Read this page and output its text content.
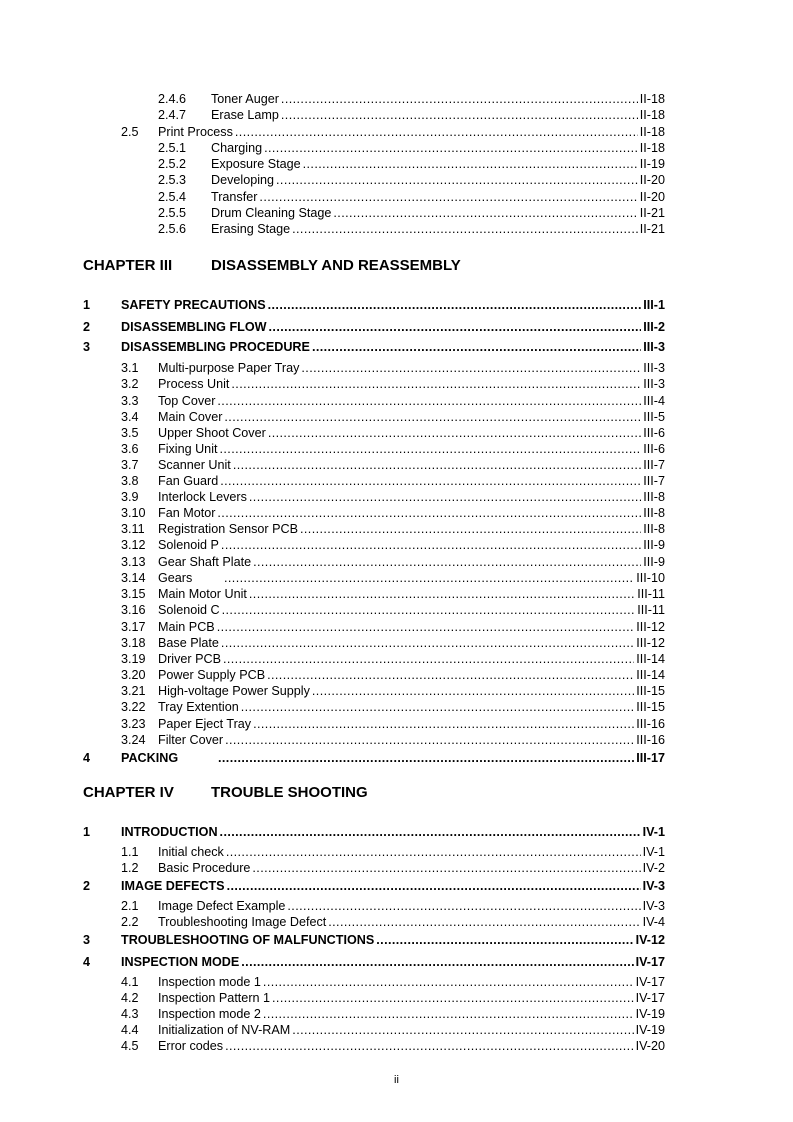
2.4.6 Toner Auger .....	II-18
2.4.7 Erase Lamp .....	II-18
2.5 Print Process .....	II-18
2.5.1 Charging .....	II-18
2.5.2 Exposure Stage .....	II-19
2.5.3 Developing .....	II-20
2.5.4 Transfer .....	II-20
2.5.5 Drum Cleaning Stage .....	II-21
2.5.6 Erasing Stage .....	II-21
CHAPTER III	DISASSEMBLY AND REASSEMBLY
1 SAFETY PRECAUTIONS .....	III-1
2 DISASSEMBLING FLOW .....	III-2
3 DISASSEMBLING PROCEDURE .....	III-3
3.1 Multi-purpose Paper Tray .....	III-3
3.2 Process Unit .....	III-3
3.3 Top Cover .....	III-4
3.4 Main Cover .....	III-5
3.5 Upper Shoot Cover .....	III-6
3.6 Fixing Unit .....	III-6
3.7 Scanner Unit .....	III-7
3.8 Fan Guard .....	III-7
3.9 Interlock Levers .....	III-8
3.10 Fan Motor .....	III-8
3.11 Registration Sensor PCB .....	III-8
3.12 Solenoid P .....	III-9
3.13 Gear Shaft Plate .....	III-9
3.14 Gears .....	III-10
3.15 Main Motor Unit .....	III-11
3.16 Solenoid C .....	III-11
3.17 Main PCB .....	III-12
3.18 Base Plate .....	III-12
3.19 Driver PCB .....	III-14
3.20 Power Supply PCB .....	III-14
3.21 High-voltage Power Supply .....	III-15
3.22 Tray Extention .....	III-15
3.23 Paper Eject Tray .....	III-16
3.24 Filter Cover .....	III-16
4 PACKING .....	III-17
CHAPTER IV TROUBLE SHOOTING
1 INTRODUCTION .....	IV-1
1.1 Initial check .....	IV-1
1.2 Basic Procedure .....	IV-2
2 IMAGE DEFECTS .....	IV-3
2.1 Image Defect Example .....	IV-3
2.2 Troubleshooting Image Defect .....	IV-4
3 TROUBLESHOOTING OF MALFUNCTIONS .....	IV-12
4 INSPECTION MODE .....	IV-17
4.1 Inspection mode 1 .....	IV-17
4.2 Inspection Pattern 1 .....	IV-17
4.3 Inspection mode 2 .....	IV-19
4.4 Initialization of NV-RAM .....	IV-19
4.5 Error codes .....	IV-20
ii
